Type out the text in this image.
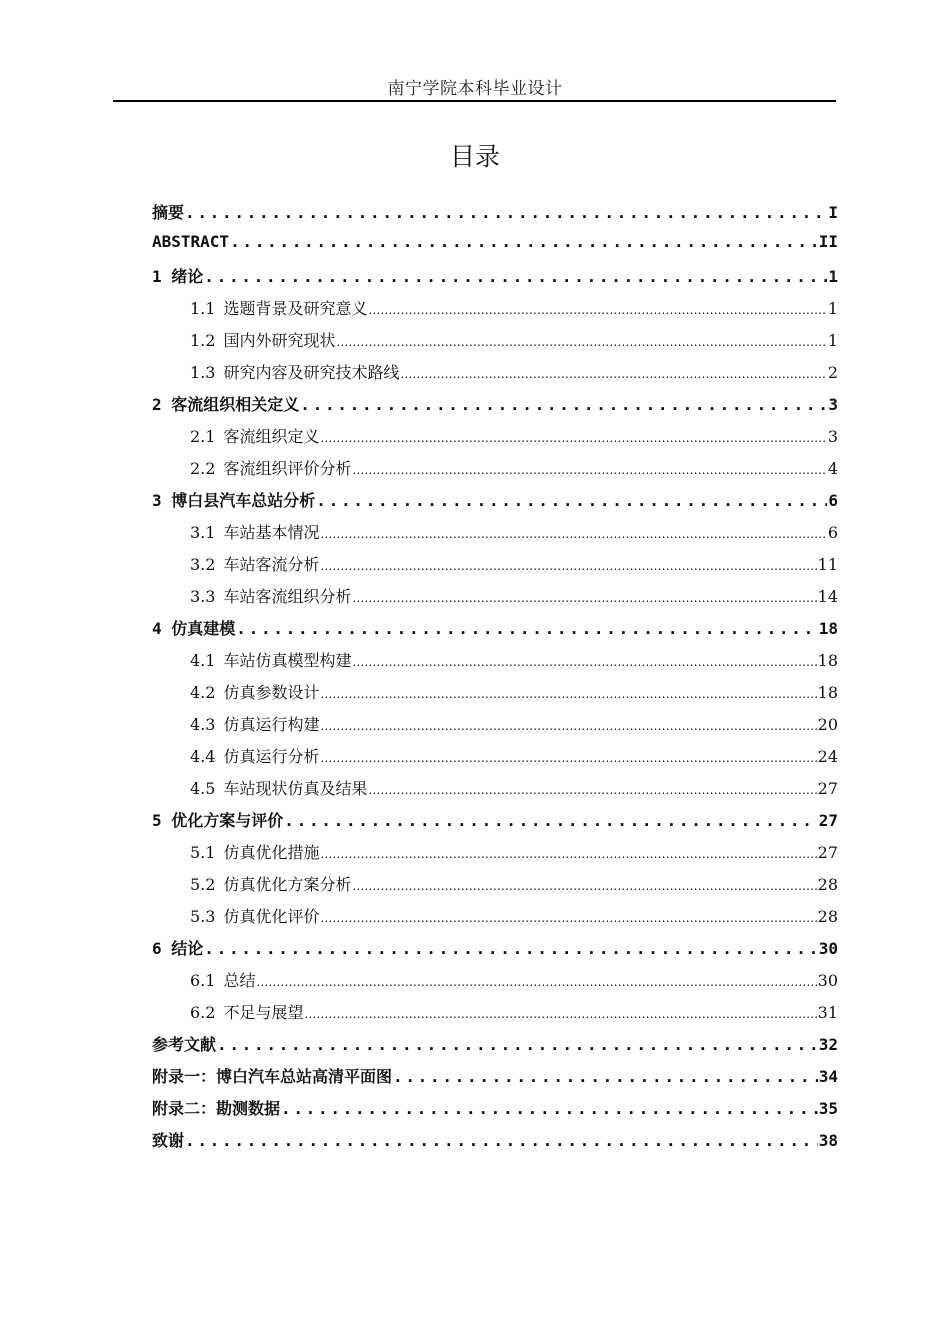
南宁学院本科毕业设计
目录
摘要 .....	I
ABSTRACT .....	II
1 绪论 .....	1
1.1 选题背景及研究意义 .....	1
1.2 国内外研究现状 .....	1
1.3 研究内容及研究技术路线 .....	2
2 客流组织相关定义 .....	3
2.1 客流组织定义 .....	3
2.2 客流组织评价分析 .....	4
3 博白县汽车总站分析 .....	6
3.1 车站基本情况 .....	6
3.2 车站客流分析 .....	11
3.3 车站客流组织分析 .....	14
4 仿真建模 .....	18
4.1 车站仿真模型构建 .....	18
4.2 仿真参数设计 .....	18
4.3 仿真运行构建 .....	20
4.4 仿真运行分析 .....	24
4.5 车站现状仿真及结果 .....	27
5 优化方案与评价 .....	27
5.1 仿真优化措施 .....	27
5.2 仿真优化方案分析 .....	28
5.3 仿真优化评价 .....	28
6 结论 .....	30
6.1 总结 .....	30
6.2 不足与展望 .....	31
参考文献 .....	32
附录一：博白汽车总站高清平面图 .....	34
附录二：勘测数据 .....	35
致谢 .....	38
